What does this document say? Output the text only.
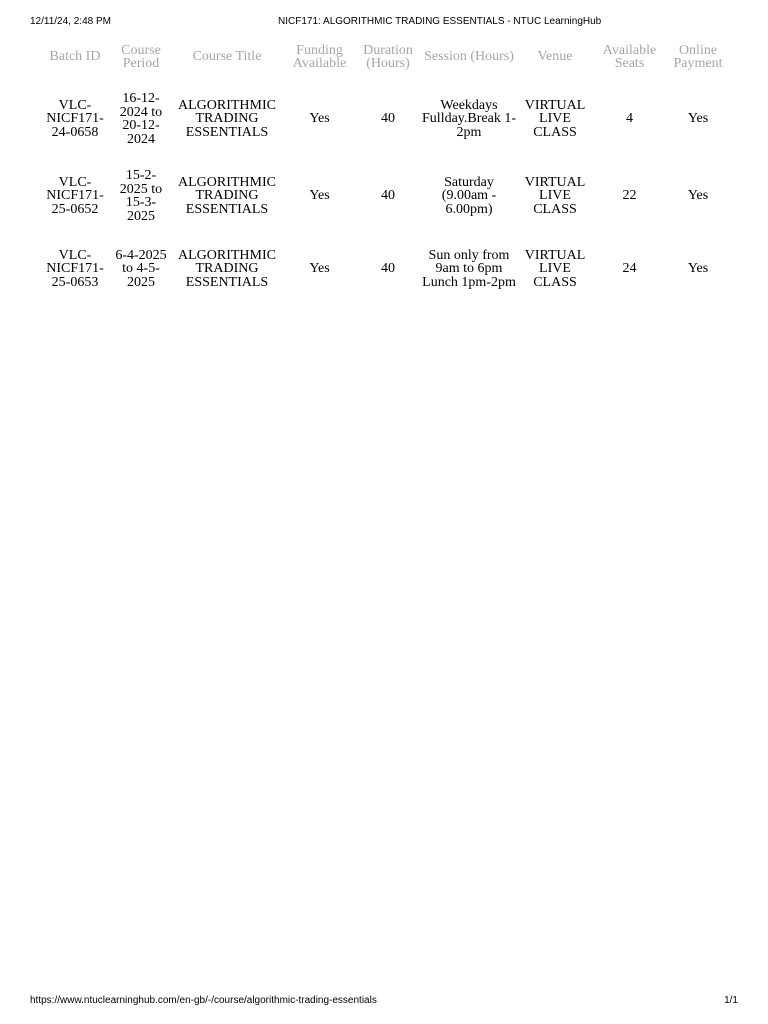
12/11/24, 2:48 PM	NICF171: ALGORITHMIC TRADING ESSENTIALS - NTUC LearningHub
Batch ID	Course Period	Course Title	Funding Available	Duration (Hours)	Session (Hours)	Venue	Available Seats	Online Payment
VLC-NICF171-24-0658	16-12-2024 to 20-12-2024	ALGORITHMIC TRADING ESSENTIALS	Yes	40	Weekdays Fullday.Break 1-2pm	VIRTUAL LIVE CLASS	4	Yes
VLC-NICF171-25-0652	15-2-2025 to 15-3-2025	ALGORITHMIC TRADING ESSENTIALS	Yes	40	Saturday (9.00am - 6.00pm)	VIRTUAL LIVE CLASS	22	Yes
VLC-NICF171-25-0653	6-4-2025 to 4-5-2025	ALGORITHMIC TRADING ESSENTIALS	Yes	40	Sun only from 9am to 6pm Lunch 1pm-2pm	VIRTUAL LIVE CLASS	24	Yes
https://www.ntuclearninghub.com/en-gb/-/course/algorithmic-trading-essentials	1/1
